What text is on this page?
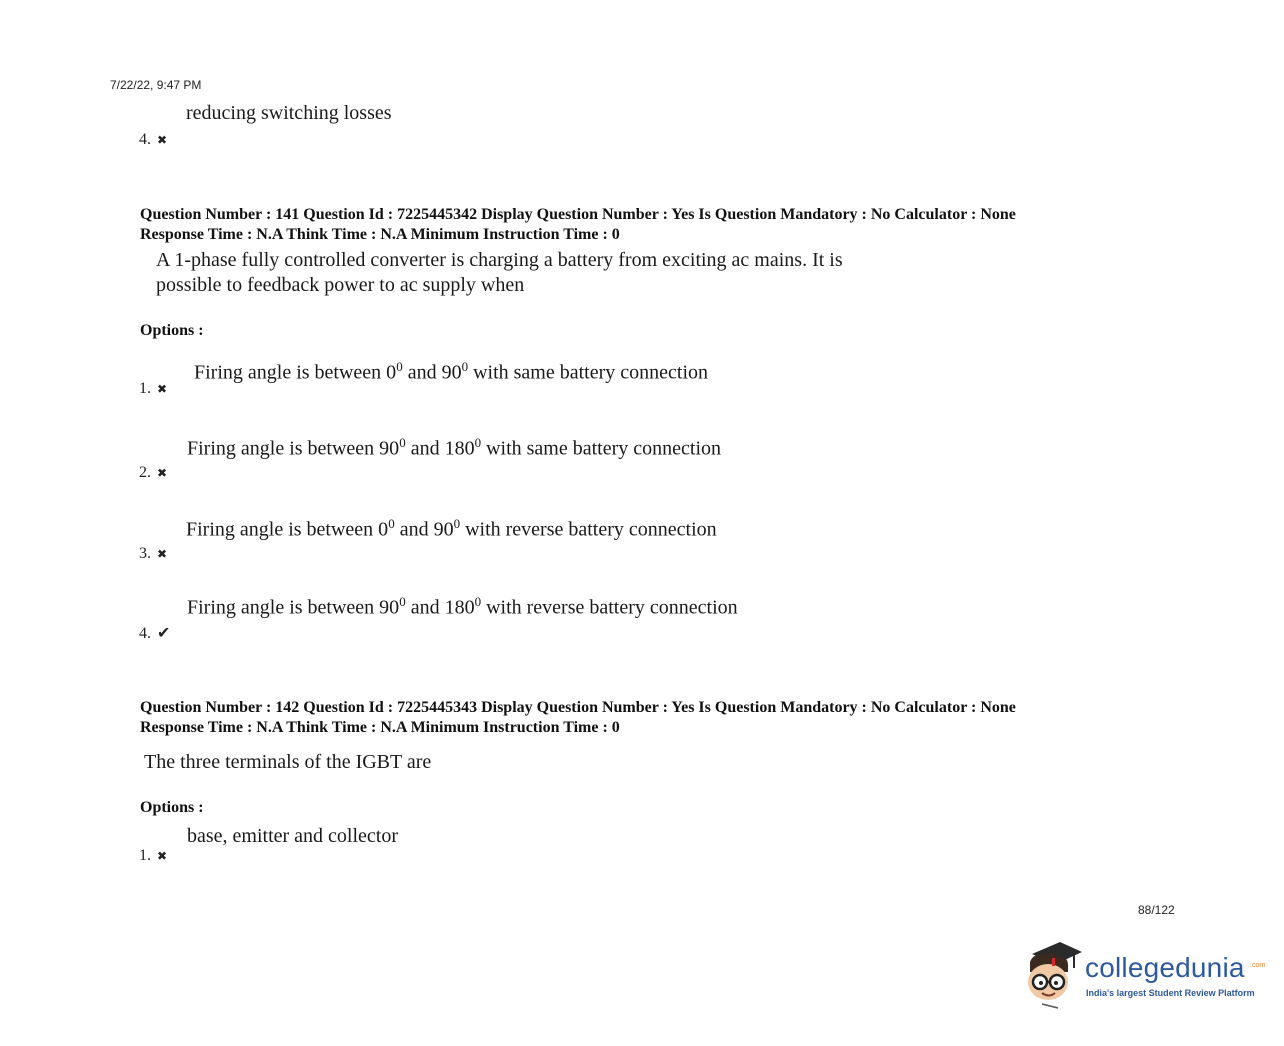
7/22/22, 9:47 PM
reducing switching losses
4. ✖
Question Number : 141 Question Id : 7225445342 Display Question Number : Yes Is Question Mandatory : No Calculator : None
Response Time : N.A Think Time : N.A Minimum Instruction Time : 0
A 1-phase fully controlled converter is charging a battery from exciting ac mains. It is
possible to feedback power to ac supply when
Options :
Firing angle is between $0^0$ and $90^0$ with same battery connection
1. ✖
Firing angle is between $90^0$ and $180^0$ with same battery connection
2. ✖
Firing angle is between $0^0$ and $90^0$ with reverse battery connection
3. ✖
Firing angle is between $90^0$ and $180^0$ with reverse battery connection
4. ✔
Question Number : 142 Question Id : 7225445343 Display Question Number : Yes Is Question Mandatory : No Calculator : None
Response Time : N.A Think Time : N.A Minimum Instruction Time : 0
The three terminals of the IGBT are
Options :
base, emitter and collector
1. ✖
88/122
collegedunia .com
India's largest Student Review Platform
